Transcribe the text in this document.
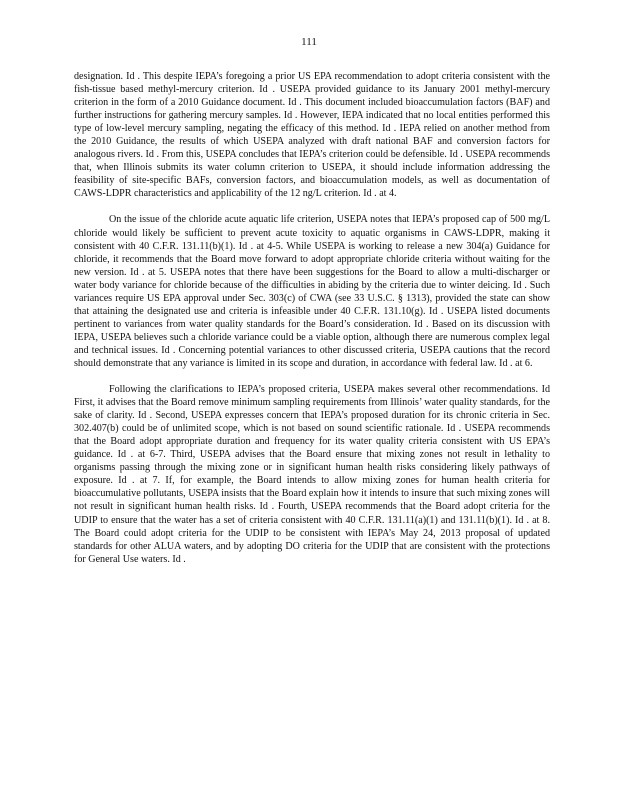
111

designation. Id . This despite IEPA’s foregoing a prior US EPA recommendation to adopt criteria consistent with the fish-tissue based methyl-mercury criterion. Id . USEPA provided guidance to its January 2001 methyl-mercury criterion in the form of a 2010 Guidance document. Id . This document included bioaccumulation factors (BAF) and further instructions for gathering mercury samples. Id . However, IEPA indicated that no local entities performed this type of low-level mercury sampling, negating the efficacy of this method. Id . IEPA relied on another method from the 2010 Guidance, the results of which USEPA analyzed with draft national BAF and conversion factors for analogous rivers. Id . From this, USEPA concludes that IEPA’s criterion could be defensible. Id . USEPA recommends that, when Illinois submits its water column criterion to USEPA, it should include information addressing the feasibility of site-specific BAFs, conversion factors, and bioaccumulation models, as well as documentation of CAWS-LDPR characteristics and applicability of the 12 ng/L criterion. Id . at 4.

On the issue of the chloride acute aquatic life criterion, USEPA notes that IEPA’s proposed cap of 500 mg/L chloride would likely be sufficient to prevent acute toxicity to aquatic organisms in CAWS-LDPR, making it consistent with 40 C.F.R. 131.11(b)(1). Id . at 4-5. While USEPA is working to release a new 304(a) Guidance for chloride, it recommends that the Board move forward to adopt appropriate chloride criteria without waiting for the new version. Id . at 5. USEPA notes that there have been suggestions for the Board to allow a multi-discharger or water body variance for chloride because of the difficulties in abiding by the criteria due to winter deicing. Id . Such variances require US EPA approval under Sec. 303(c) of CWA (see 33 U.S.C. § 1313), provided the state can show that attaining the designated use and criteria is infeasible under 40 C.F.R. 131.10(g). Id . USEPA listed documents pertinent to variances from water quality standards for the Board’s consideration. Id . Based on its discussion with IEPA, USEPA believes such a chloride variance could be a viable option, although there are numerous complex legal and technical issues. Id . Concerning potential variances to other discussed criteria, USEPA cautions that the record should demonstrate that any variance is limited in its scope and duration, in accordance with federal law. Id . at 6.

Following the clarifications to IEPA’s proposed criteria, USEPA makes several other recommendations. Id First, it advises that the Board remove minimum sampling requirements from Illinois’ water quality standards, for the sake of clarity. Id . Second, USEPA expresses concern that IEPA’s proposed duration for its chronic criteria in Sec. 302.407(b) could be of unlimited scope, which is not based on sound scientific rationale. Id . USEPA recommends that the Board adopt appropriate duration and frequency for its water quality criteria consistent with US EPA’s guidance. Id . at 6-7. Third, USEPA advises that the Board ensure that mixing zones not result in lethality to organisms passing through the mixing zone or in significant human health risks considering likely pathways of exposure. Id . at 7. If, for example, the Board intends to allow mixing zones for human health criteria for bioaccumulative pollutants, USEPA insists that the Board explain how it intends to insure that such mixing zones will not result in significant human health risks. Id . Fourth, USEPA recommends that the Board adopt criteria for the UDIP to ensure that the water has a set of criteria consistent with 40 C.F.R. 131.11(a)(1) and 131.11(b)(1). Id . at 8. The Board could adopt criteria for the UDIP to be consistent with IEPA’s May 24, 2013 proposal of updated standards for other ALUA waters, and by adopting DO criteria for the UDIP that are consistent with the protections for General Use waters. Id .
